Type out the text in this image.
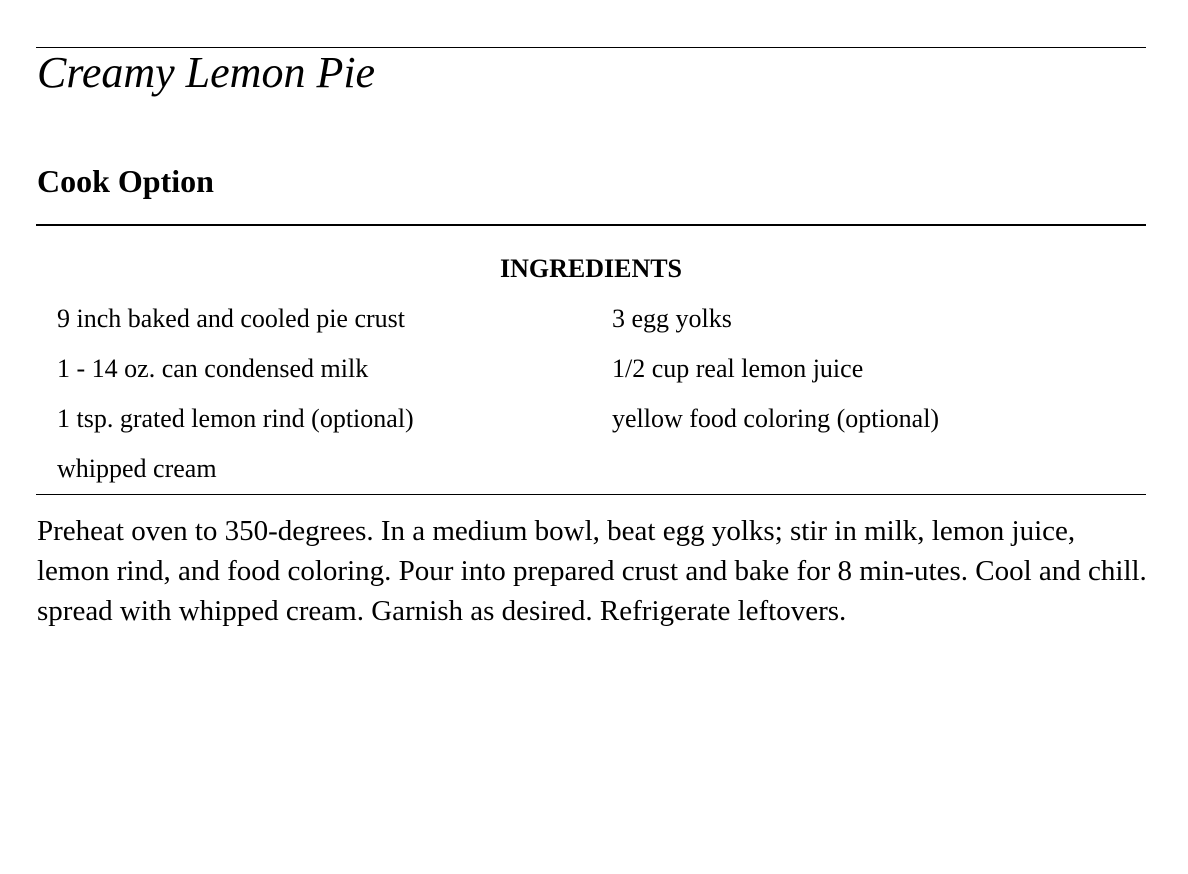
Creamy Lemon Pie
Cook Option
INGREDIENTS
9 inch baked and cooled pie crust	3 egg yolks
1 - 14 oz. can condensed milk	1/2 cup real lemon juice
1 tsp. grated lemon rind (optional)	yellow food coloring (optional)
whipped cream

Preheat oven to 350-degrees. In a medium bowl, beat egg yolks; stir in milk, lemon juice, lemon rind, and food coloring. Pour into prepared crust and bake for 8 min-utes. Cool and chill. spread with whipped cream. Garnish as desired. Refrigerate leftovers.
